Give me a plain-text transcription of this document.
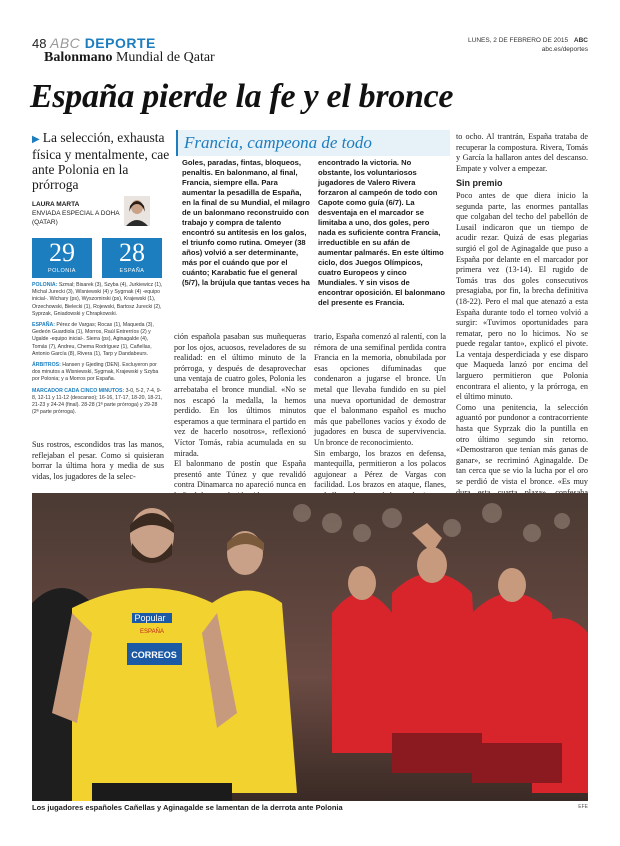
48 ABC DEPORTE
Balonmano Mundial de Qatar
LUNES, 2 DE FEBRERO DE 2015 ABC
abc.es/deportes
España pierde la fe y el bronce
▶ La selección, exhausta física y mentalmente, cae ante Polonia en la prórroga
LAURA MARTA
ENVIADA ESPECIAL A DOHA
(QATAR)
29
POLONIA
28
ESPAÑA

POLONIA: Szmal; Bisarek (3), Szyba (4), Jurkiewicz (1), Michal Jurecki (3), Wisniewski (4) y Sygrnak (4) -equipo inicial-. Wichary (ps), Wyszomirski (ps), Krajewski (1), Orzechowski, Bielecki (1), Rojewski, Bartosz Jurecki (2), Syprzak, Gniadowski y Chrapkowski.

ESPAÑA: Pérez de Vargas; Rocas (1), Maqueda (3), Gedeón Guardiola (1), Morros, Raúl Entrerríos (2) y Ugalde -equipo inicial-. Sierra (ps), Aginagalde (4), Tomás (7), Andreu, Chema Rodríguez (1), Cañellas, Antonio García (8), Rivera (1), Tarp y Dandabeurs.

ÁRBITROS: Hansen y Gjeding (DEN). Excluyeron por dos minutos a Wisniewski, Sygrnak, Krajewski y Szyba por Polonia; y a Morros por España.

MARCADOR CADA CINCO MINUTOS: 3-0, 5-2, 7-4, 9-8, 12-11 y 11-12 (descanso); 16-16, 17-17, 18-20, 18-21, 21-23 y 24-24 (final). 28-28 (1ª parte prórroga) y 29-28 (2ª parte prórroga).

Francia, campeona de todo
Goles, paradas, fintas, bloqueos, penaltis. En balonmano, al final, Francia, siempre ella. Para aumentar la pesadilla de España, en la final de su Mundial, el milagro de un balonmano reconstruido con trabajo y compra de talento encontró su antítesis en los galos, el triunfo como rutina. Omeyer (38 años) volvió a ser determinante, más por el cuándo que por el cuánto; Karabatic fue el general (5/7), la brújula que tantas veces ha
encontrado la victoria. No obstante, los voluntariosos jugadores de Valero Rivera forzaron al campeón de todo con Capote como guía (6/7). La desventaja en el marcador se limitaba a uno, dos goles, pero nada es suficiente contra Francia, irreductible en su afán de aumentar palmarés. En este último ciclo, dos Juegos Olímpicos, cuatro Europeos y cinco Mundiales. Y sin visos de encontrar oposición. El balonmano del presente es Francia.
Sus rostros, escondidos tras las manos, reflejaban el pesar. Como si quisieran borrar la última hora y media de sus vidas, los jugadores de la selec-

ción española pasaban sus muñequeras por los ojos, acuosos, reveladores de su realidad: en el último minuto de la prórroga, y después de desaprovechar una ventaja de cuatro goles, Polonia les arrebataba el bronce mundial. «No se nos escapó la medalla, la hemos perdido. En los últimos minutos esperamos a que terminara el partido en vez de hacerlo nosotros», reflexionó Víctor Tomás, rabia acumulada en su mirada.
El balonmano de postín que España presentó ante Túnez y que revalidó contra Dinamarca no apareció nunca en

trario, España comenzó al ralentí, con la rémora de una semifinal perdida contra Francia en la memoria, obnubilada por esas opciones difuminadas que condenaron a jugarse el bronce. Un metal que llevaba fundido en su piel una nueva oportunidad de demostrar que el balonmano español es mucho más que pabellones vacíos y éxodo de jugadores en busca de supervivencia. Un bronce de reconocimiento.
Sin embargo, los brazos en defensa, mantequilla, permitieron a los polacos agujonear a Pérez de Vargas con facilidad. Los brazos en ataque, flanes,

to ocho. Al trantrán, España trataba de recuperar la compostura. Rivera, Tomás y García la hallaron antes del descanso. Empate y volver a empezar.

Sin premio

Poco antes de que diera inicio la segunda parte, las enormes pantallas que colgaban del techo del pabellón de Lusail indicaron que un tiempo de acudir rezar. Quizá de esas plegarias surgió el gol de Aginagalde que puso a España por delante en el marcador por primera vez (13-14). El rugido de Tomás tras dos goles consecutivos presagiaba, por fin, la brecha definitiva (18-22). Pero el mal que atenazó a esta España durante todo el torneo volvió a surgir: «Tuvimos oportunidades para rematar, pero no lo hicimos. No se puede regalar tanto», explicó el pivote. La ventaja desperdiciada y ese disparo que Maqueda lanzó por encima del larguero permitieron que Polonia encontrara el aliento, y la prórroga, en el último minuto.
Como una penitencia, la selección aguantó por pundonor a contracorriente hasta que Syprzak dio la puntilla en otro último segundo sin retorno. «Demostraron que tenían más ganas de ganar», se recriminó Aginagalde. De tan cerca que se vio la lucha por el oro se perdió de vista el bronce. «Es muy

Popular
CORREOS
ESPAÑA
Los jugadores españoles Cañellas y Aginagalde se lamentan de la derrota ante Polonia	EFE
